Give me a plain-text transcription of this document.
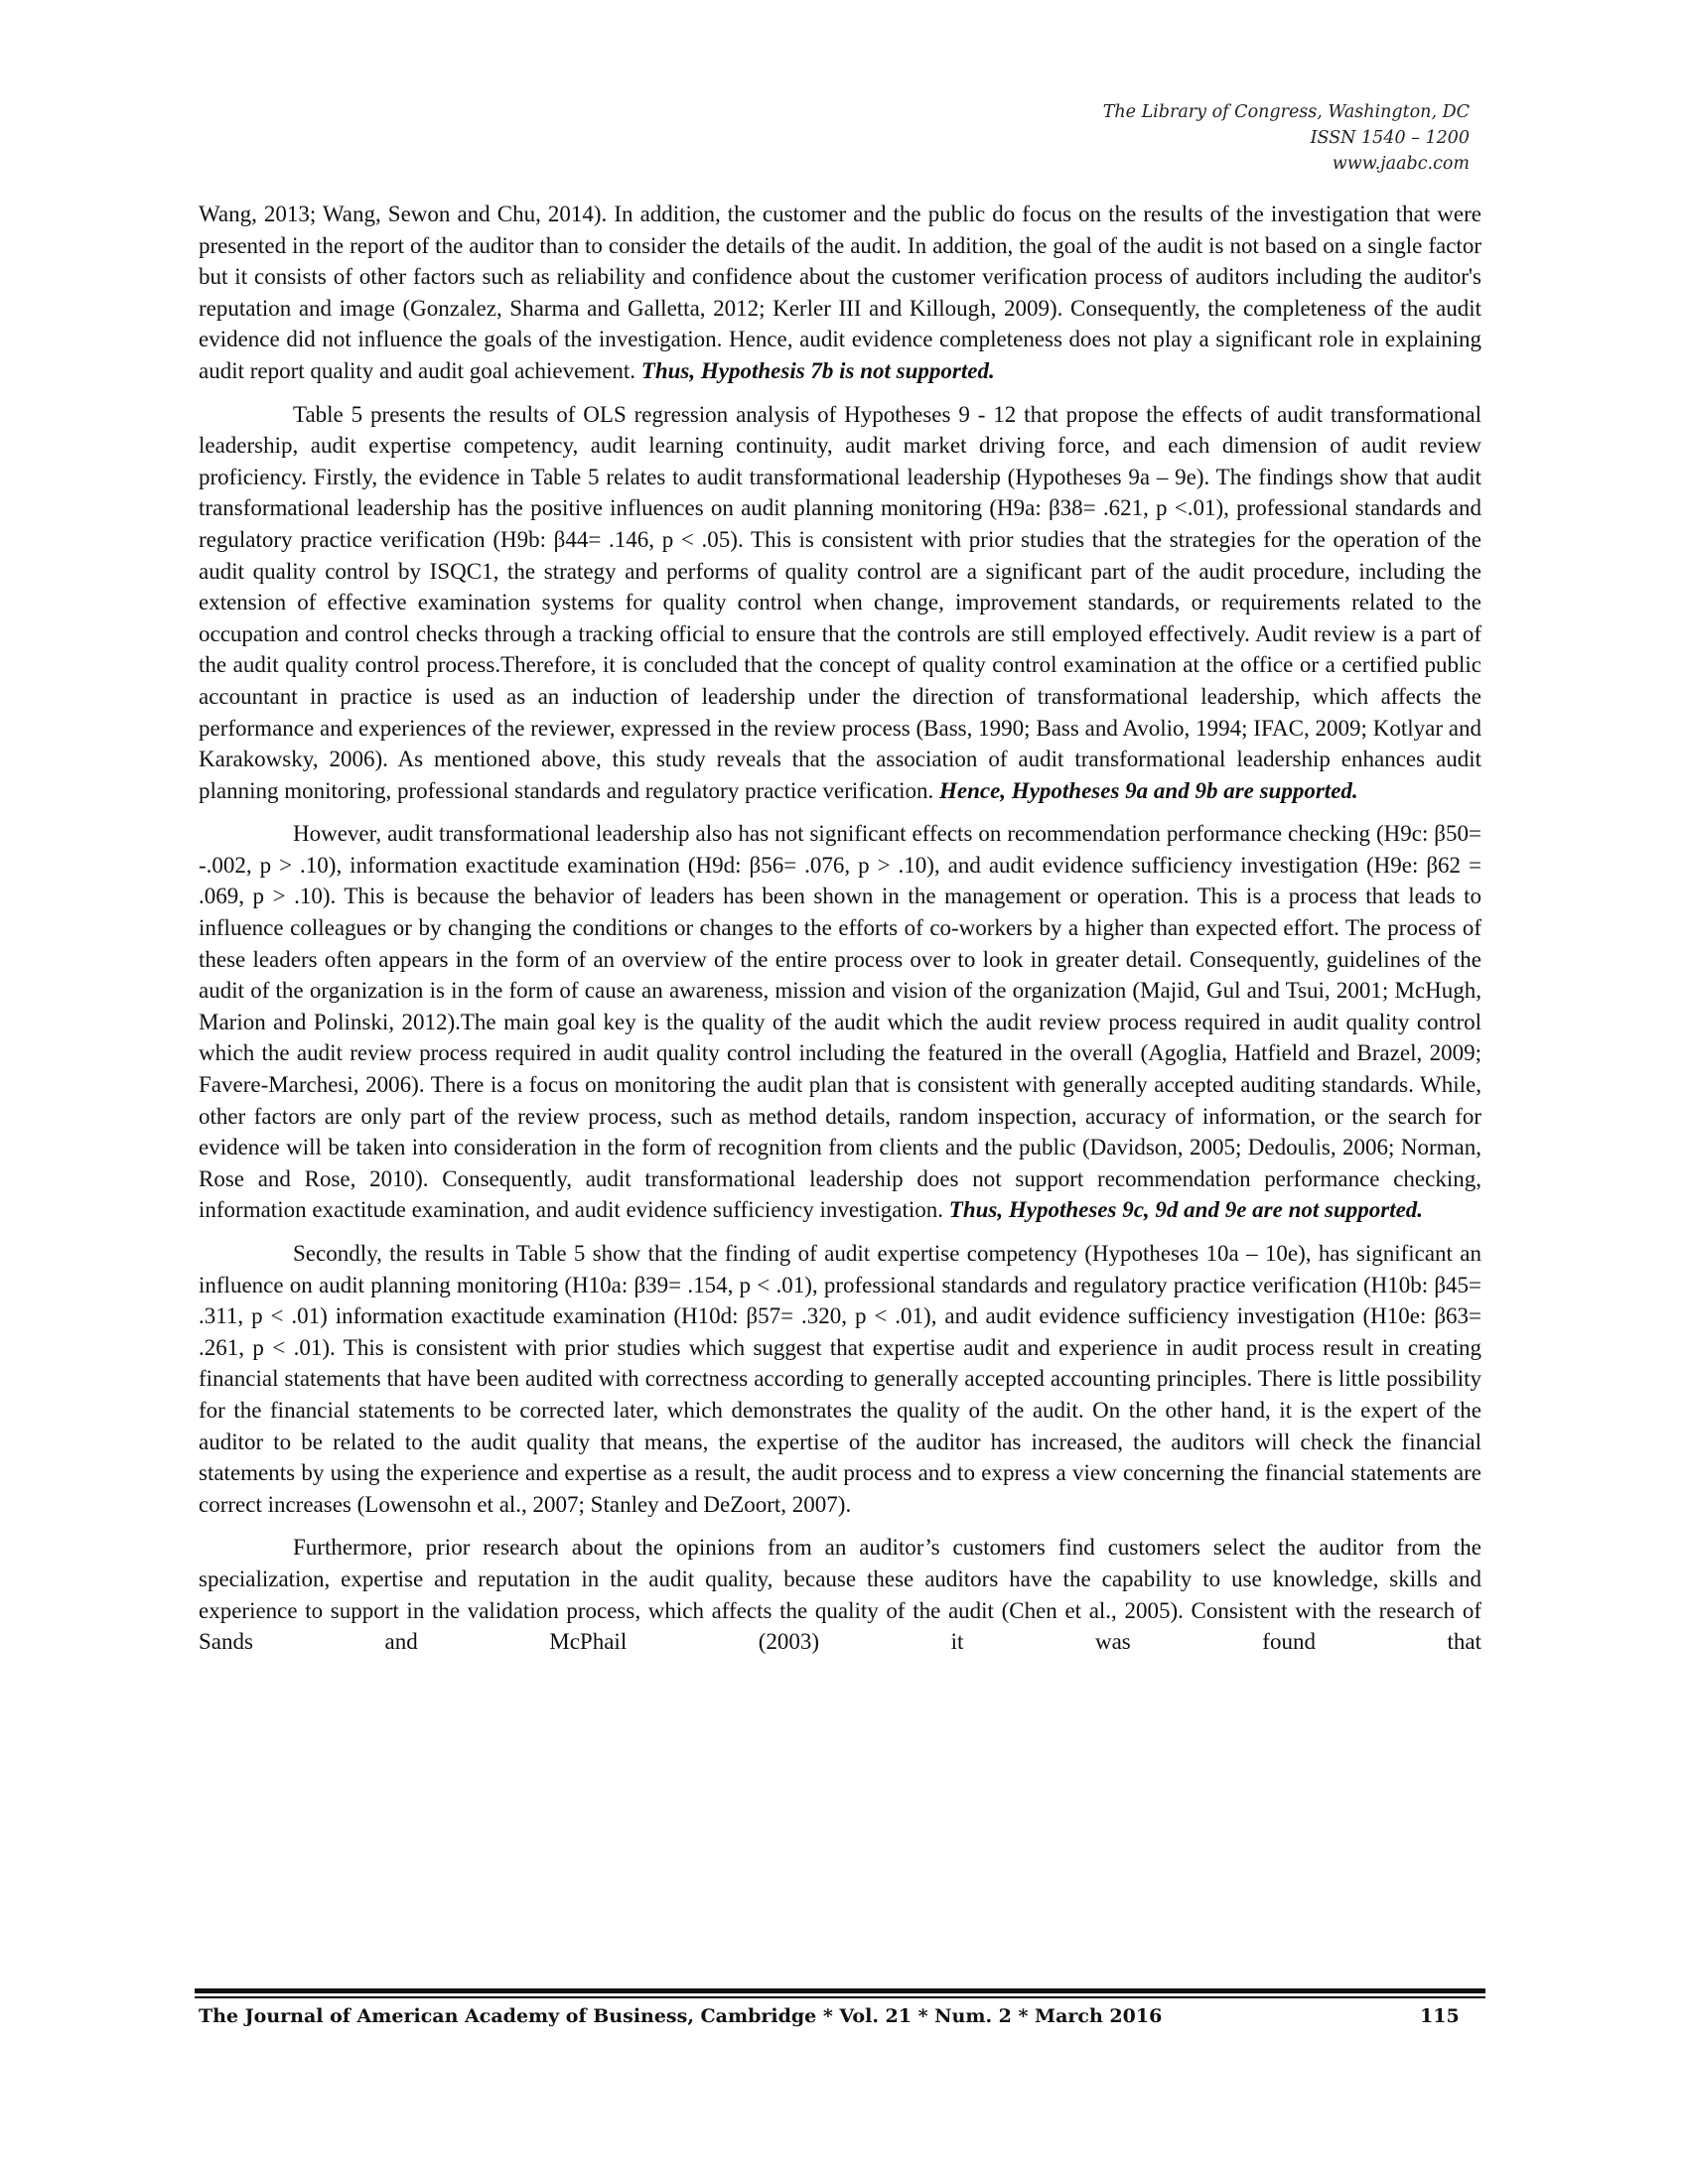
The Library of Congress, Washington, DC
ISSN 1540 – 1200
www.jaabc.com

Wang, 2013; Wang, Sewon and Chu, 2014). In addition, the customer and the public do focus on the results of the investigation that were presented in the report of the auditor than to consider the details of the audit. In addition, the goal of the audit is not based on a single factor but it consists of other factors such as reliability and confidence about the customer verification process of auditors including the auditor's reputation and image (Gonzalez, Sharma and Galletta, 2012; Kerler III and Killough, 2009). Consequently, the completeness of the audit evidence did not influence the goals of the investigation. Hence, audit evidence completeness does not play a significant role in explaining audit report quality and audit goal achievement. Thus, Hypothesis 7b is not supported.

Table 5 presents the results of OLS regression analysis of Hypotheses 9 - 12 that propose the effects of audit transformational leadership, audit expertise competency, audit learning continuity, audit market driving force, and each dimension of audit review proficiency. Firstly, the evidence in Table 5 relates to audit transformational leadership (Hypotheses 9a – 9e). The findings show that audit transformational leadership has the positive influences on audit planning monitoring (H9a: β38= .621, p <.01), professional standards and regulatory practice verification (H9b: β44= .146, p < .05). This is consistent with prior studies that the strategies for the operation of the audit quality control by ISQC1, the strategy and performs of quality control are a significant part of the audit procedure, including the extension of effective examination systems for quality control when change, improvement standards, or requirements related to the occupation and control checks through a tracking official to ensure that the controls are still employed effectively. Audit review is a part of the audit quality control process.Therefore, it is concluded that the concept of quality control examination at the office or a certified public accountant in practice is used as an induction of leadership under the direction of transformational leadership, which affects the performance and experiences of the reviewer, expressed in the review process (Bass, 1990; Bass and Avolio, 1994; IFAC, 2009; Kotlyar and Karakowsky, 2006). As mentioned above, this study reveals that the association of audit transformational leadership enhances audit planning monitoring, professional standards and regulatory practice verification. Hence, Hypotheses 9a and 9b are supported.

However, audit transformational leadership also has not significant effects on recommendation performance checking (H9c: β50= -.002, p > .10), information exactitude examination (H9d: β56= .076, p > .10), and audit evidence sufficiency investigation (H9e: β62 = .069, p > .10). This is because the behavior of leaders has been shown in the management or operation. This is a process that leads to influence colleagues or by changing the conditions or changes to the efforts of co-workers by a higher than expected effort. The process of these leaders often appears in the form of an overview of the entire process over to look in greater detail. Consequently, guidelines of the audit of the organization is in the form of cause an awareness, mission and vision of the organization (Majid, Gul and Tsui, 2001; McHugh, Marion and Polinski, 2012).The main goal key is the quality of the audit which the audit review process required in audit quality control which the audit review process required in audit quality control including the featured in the overall (Agoglia, Hatfield and Brazel, 2009; Favere-Marchesi, 2006). There is a focus on monitoring the audit plan that is consistent with generally accepted auditing standards. While, other factors are only part of the review process, such as method details, random inspection, accuracy of information, or the search for evidence will be taken into consideration in the form of recognition from clients and the public (Davidson, 2005; Dedoulis, 2006; Norman, Rose and Rose, 2010). Consequently, audit transformational leadership does not support recommendation performance checking, information exactitude examination, and audit evidence sufficiency investigation. Thus, Hypotheses 9c, 9d and 9e are not supported.

Secondly, the results in Table 5 show that the finding of audit expertise competency (Hypotheses 10a – 10e), has significant an influence on audit planning monitoring (H10a: β39= .154, p < .01), professional standards and regulatory practice verification (H10b: β45= .311, p < .01) information exactitude examination (H10d: β57= .320, p < .01), and audit evidence sufficiency investigation (H10e: β63= .261, p < .01). This is consistent with prior studies which suggest that expertise audit and experience in audit process result in creating financial statements that have been audited with correctness according to generally accepted accounting principles. There is little possibility for the financial statements to be corrected later, which demonstrates the quality of the audit. On the other hand, it is the expert of the auditor to be related to the audit quality that means, the expertise of the auditor has increased, the auditors will check the financial statements by using the experience and expertise as a result, the audit process and to express a view concerning the financial statements are correct increases (Lowensohn et al., 2007; Stanley and DeZoort, 2007).

Furthermore, prior research about the opinions from an auditor’s customers find customers select the auditor from the specialization, expertise and reputation in the audit quality, because these auditors have the capability to use knowledge, skills and experience to support in the validation process, which affects the quality of the audit (Chen et al., 2005). Consistent with the research of Sands and McPhail (2003) it was found that

The Journal of American Academy of Business, Cambridge * Vol. 21 * Num. 2 * March 2016	115
